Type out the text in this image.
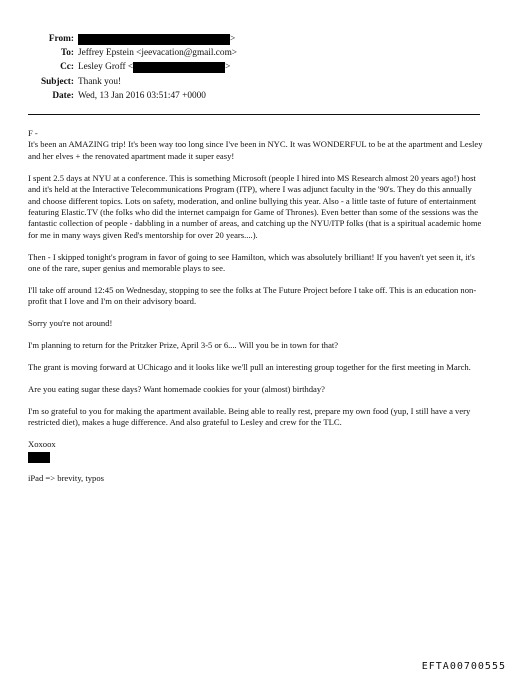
From:	>
To: Jeffrey Epstein <jeevacation@gmail.com>
Cc: Lesley Groff <	>
Subject: Thank you!
Date: Wed, 13 Jan 2016 03:51:47 +0000

F -

It's been an AMAZING trip! It's been way too long since I've been in NYC. It was WONDERFUL to be at the apartment and Lesley and her elves + the renovated apartment made it super easy!

I spent 2.5 days at NYU at a conference. This is something Microsoft (people I hired into MS Research almost 20 years ago!) host and it's held at the Interactive Telecommunications Program (ITP), where I was adjunct faculty in the '90's. They do this annually and choose different topics. Lots on safety, moderation, and online bullying this year. Also - a little taste of future of entertainment featuring Elastic.TV (the folks who did the internet campaign for Game of Thrones). Even better than some of the sessions was the fantastic collection of people - dabbling in a number of areas, and catching up the NYU/ITP folks (that is a spiritual academic home for me in many ways given Red's mentorship for over 20 years....).

Then - I skipped tonight's program in favor of going to see Hamilton, which was absolutely brilliant! If you haven't yet seen it, it's one of the rare, super genius and memorable plays to see.

I'll take off around 12:45 on Wednesday, stopping to see the folks at The Future Project before I take off. This is an education non-profit that I love and I'm on their advisory board.

Sorry you're not around!

I'm planning to return for the Pritzker Prize, April 3-5 or 6.... Will you be in town for that?

The grant is moving forward at UChicago and it looks like we'll pull an interesting group together for the first meeting in March.

Are you eating sugar these days? Want homemade cookies for your (almost) birthday?

I'm so grateful to you for making the apartment available. Being able to really rest, prepare my own food (yup, I still have a very restricted diet), makes a huge difference. And also grateful to Lesley and crew for the TLC.

Xoxoox

iPad => brevity, typos

EFTA00700555
